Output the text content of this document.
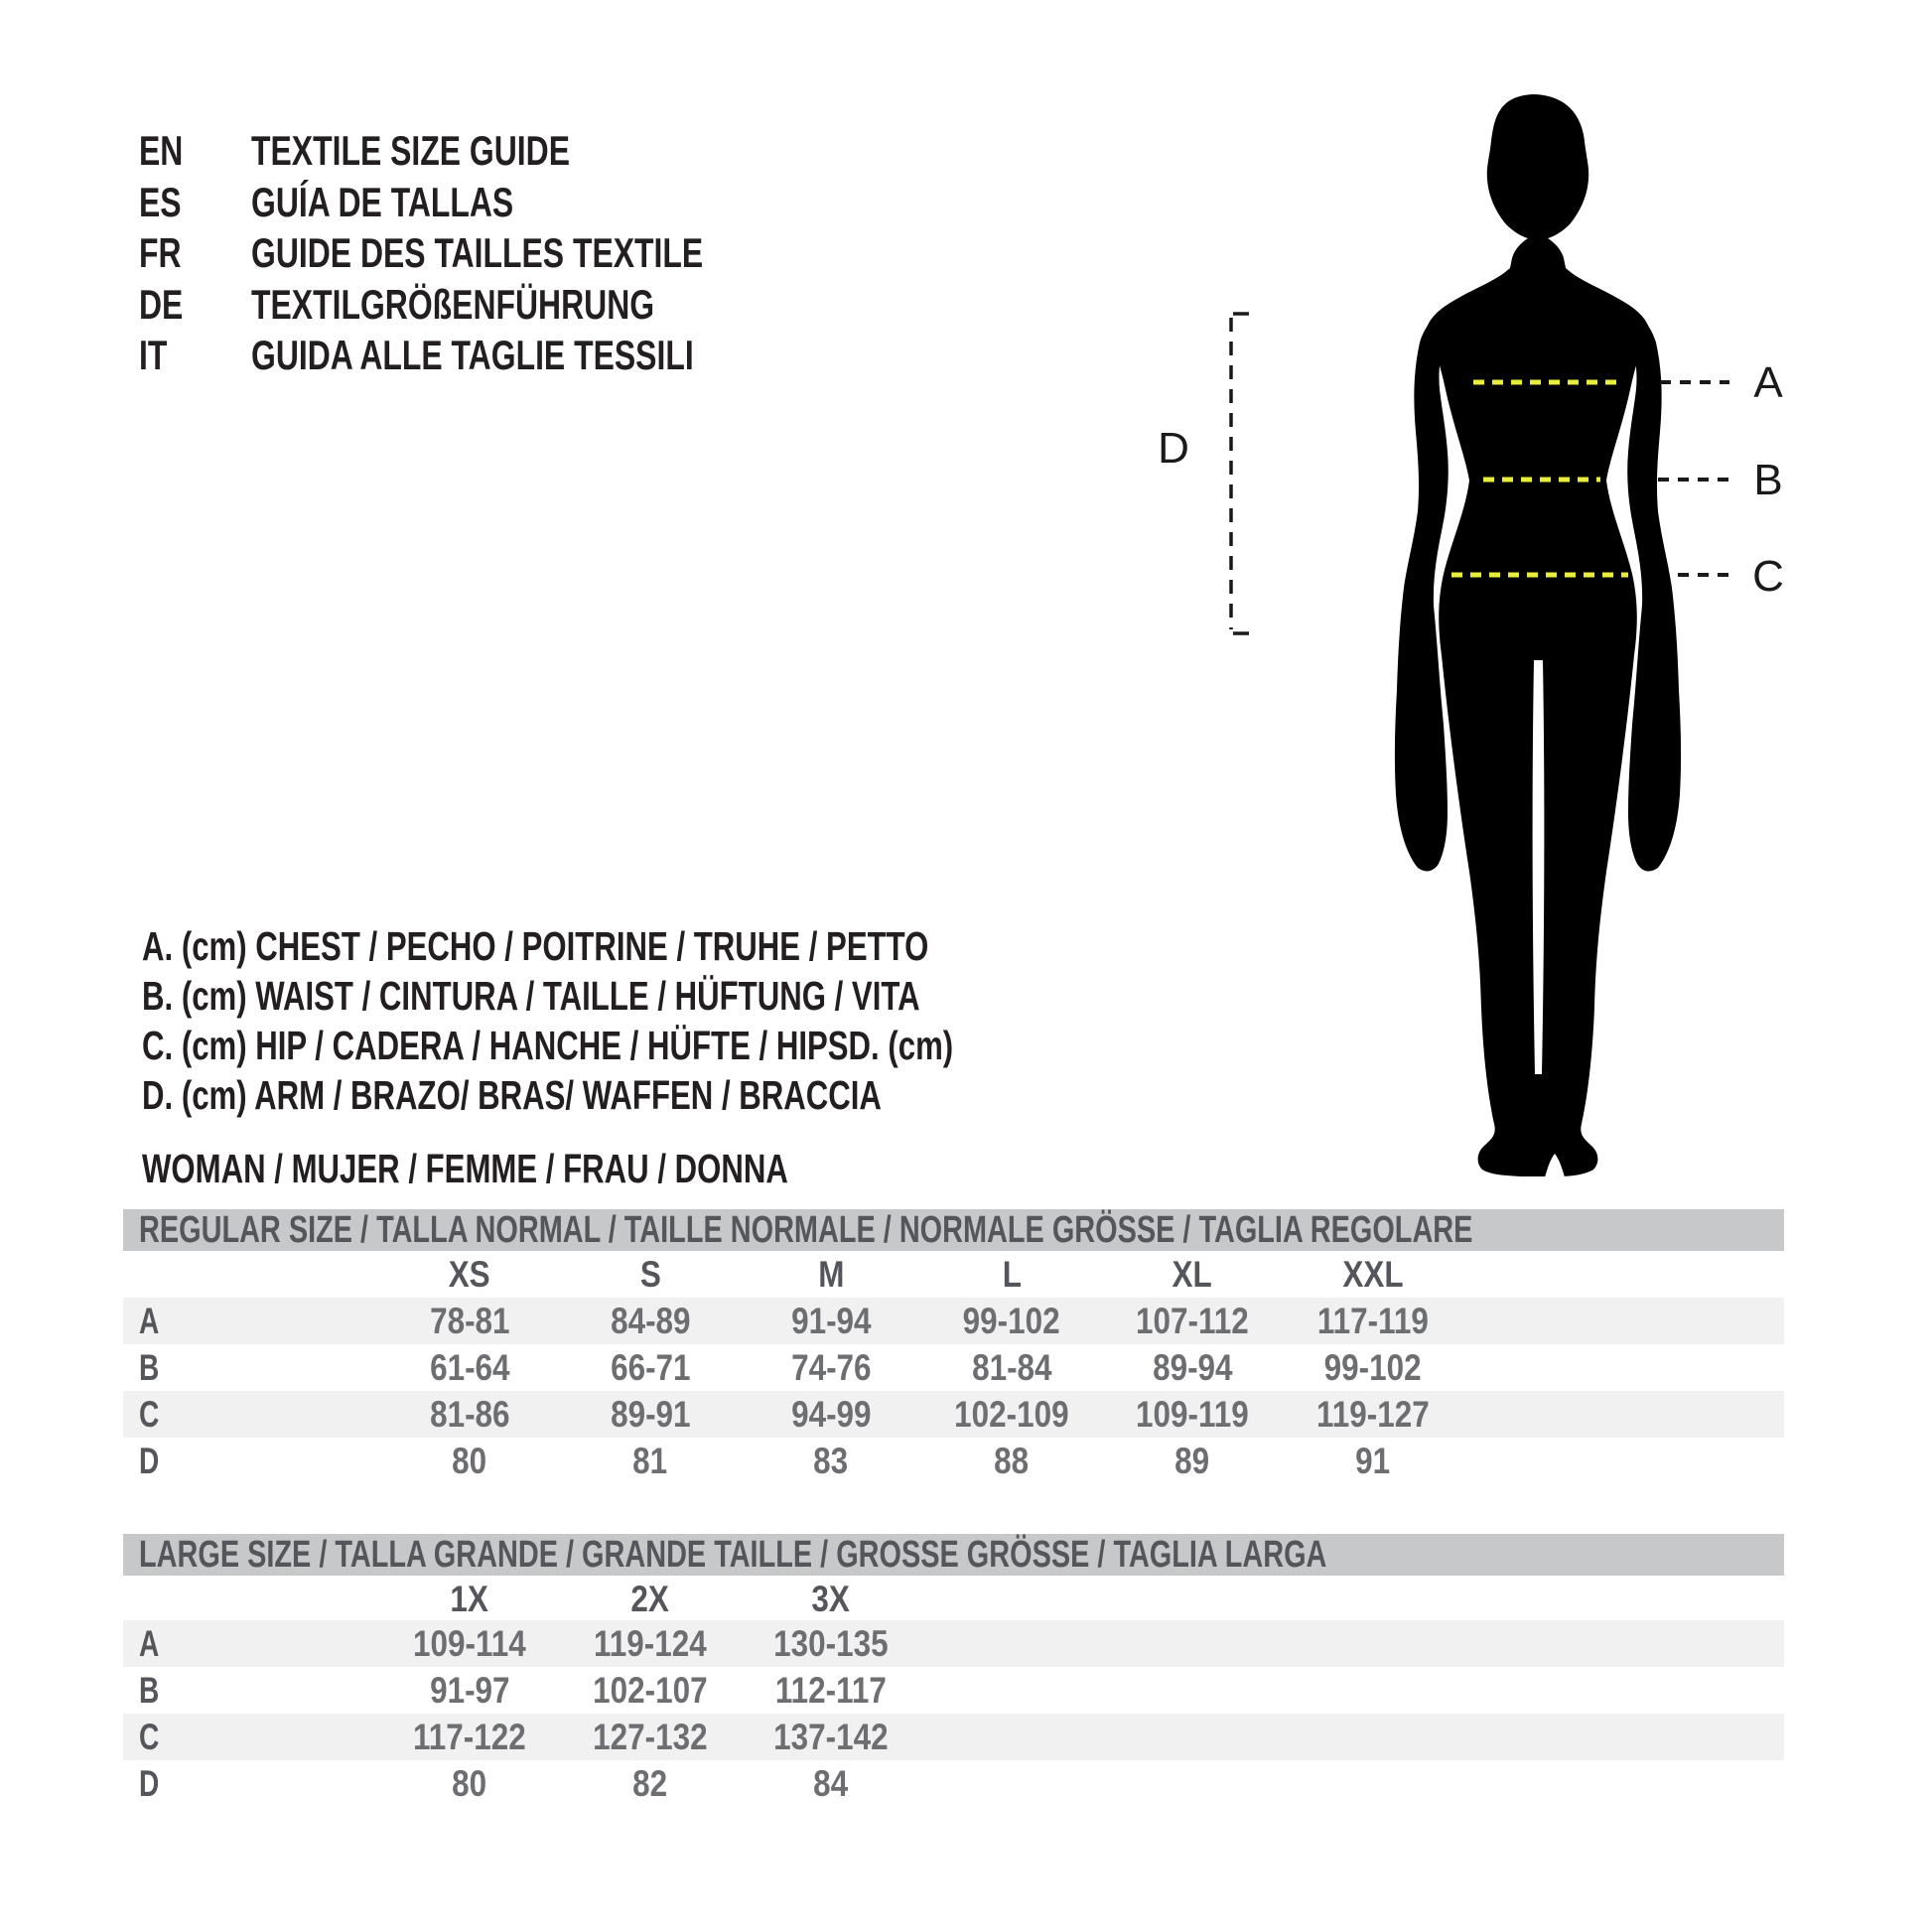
EN	TEXTILE SIZE GUIDE
ES	GUÍA DE TALLAS
FR	GUIDE DES TAILLES TEXTILE
DE	TEXTILGRÖßENFÜHRUNG
IT	GUIDA ALLE TAGLIE TESSILI
A
B
C
D
A. (cm) CHEST / PECHO / POITRINE / TRUHE / PETTO
B. (cm) WAIST / CINTURA / TAILLE / HÜFTUNG / VITA
C. (cm) HIP / CADERA / HANCHE / HÜFTE / HIPSD. (cm)
D. (cm) ARM / BRAZO/ BRAS/ WAFFEN / BRACCIA
WOMAN / MUJER / FEMME / FRAU / DONNA
REGULAR SIZE / TALLA NORMAL / TAILLE NORMALE / NORMALE GRÖSSE / TAGLIA REGOLARE
XS	S	M	L	XL	XXL
A	78-81	84-89	91-94	99-102	107-112	117-119
B	61-64	66-71	74-76	81-84	89-94	99-102
C	81-86	89-91	94-99	102-109	109-119	119-127
D	80	81	83	88	89	91
LARGE SIZE / TALLA GRANDE / GRANDE TAILLE / GROSSE GRÖSSE / TAGLIA LARGA
1X	2X	3X
A	109-114	119-124	130-135
B	91-97	102-107	112-117
C	117-122	127-132	137-142
D	80	82	84
